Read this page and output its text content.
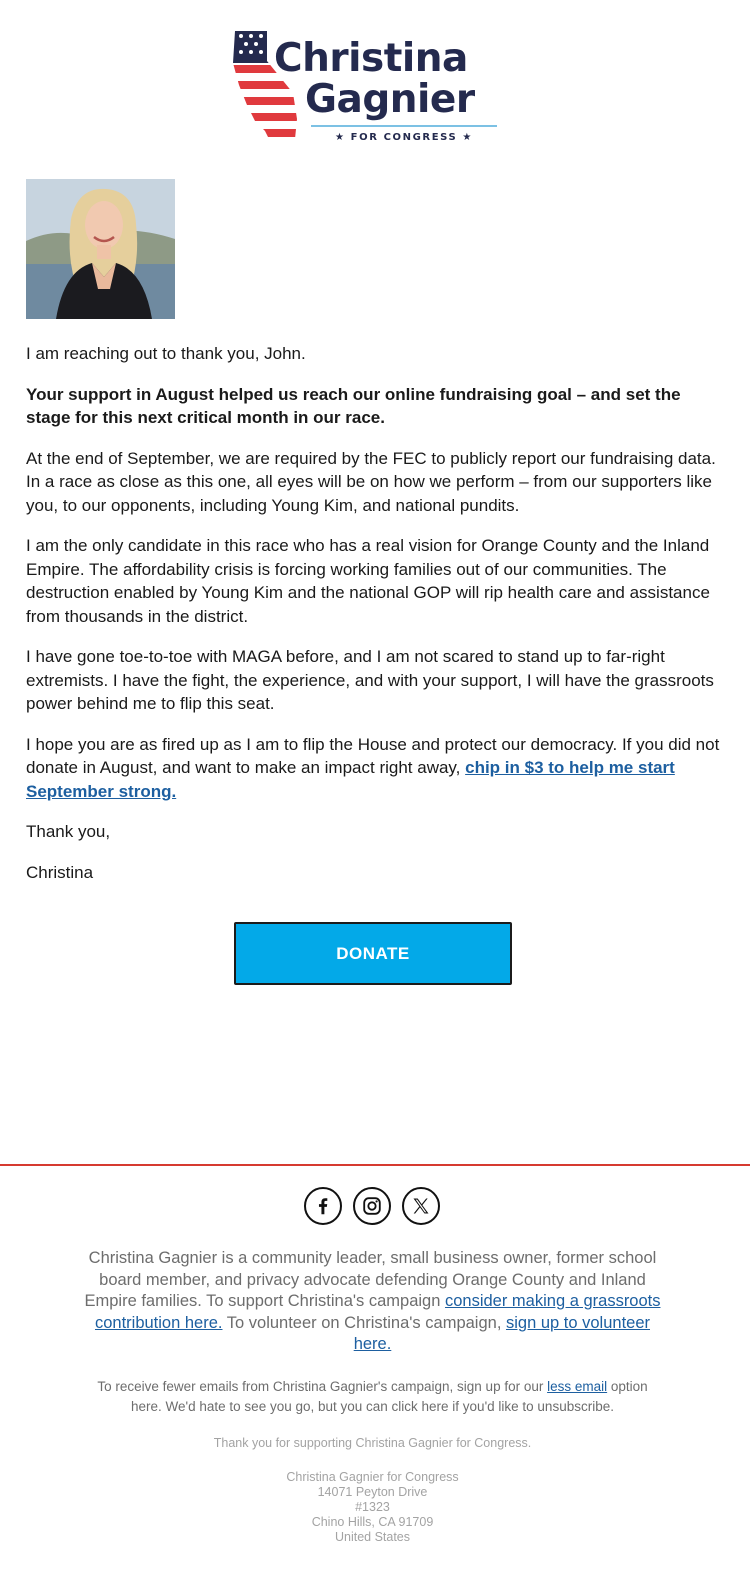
Christina
Gagnier
★ FOR CONGRESS ★

I am reaching out to thank you, John.

Your support in August helped us reach our online fundraising goal – and set the stage for this next critical month in our race.

At the end of September, we are required by the FEC to publicly report our fundraising data. In a race as close as this one, all eyes will be on how we perform – from our supporters like you, to our opponents, including Young Kim, and national pundits.

I am the only candidate in this race who has a real vision for Orange County and the Inland Empire. The affordability crisis is forcing working families out of our communities. The destruction enabled by Young Kim and the national GOP will rip health care and assistance from thousands in the district.

I have gone toe-to-toe with MAGA before, and I am not scared to stand up to far-right extremists. I have the fight, the experience, and with your support, I will have the grassroots power behind me to flip this seat.

I hope you are as fired up as I am to flip the House and protect our democracy. If you did not donate in August, and want to make an impact right away, chip in $3 to help me start September strong.

Thank you,

Christina

DONATE
Christina Gagnier is a community leader, small business owner, former school board member, and privacy advocate defending Orange County and Inland Empire families. To support Christina's campaign consider making a grassroots contribution here. To volunteer on Christina's campaign, sign up to volunteer here.
To receive fewer emails from Christina Gagnier's campaign, sign up for our less email option here. We'd hate to see you go, but you can click here if you'd like to unsubscribe.
Thank you for supporting Christina Gagnier for Congress.
Christina Gagnier for Congress
14071 Peyton Drive
#1323
Chino Hills, CA 91709
United States
